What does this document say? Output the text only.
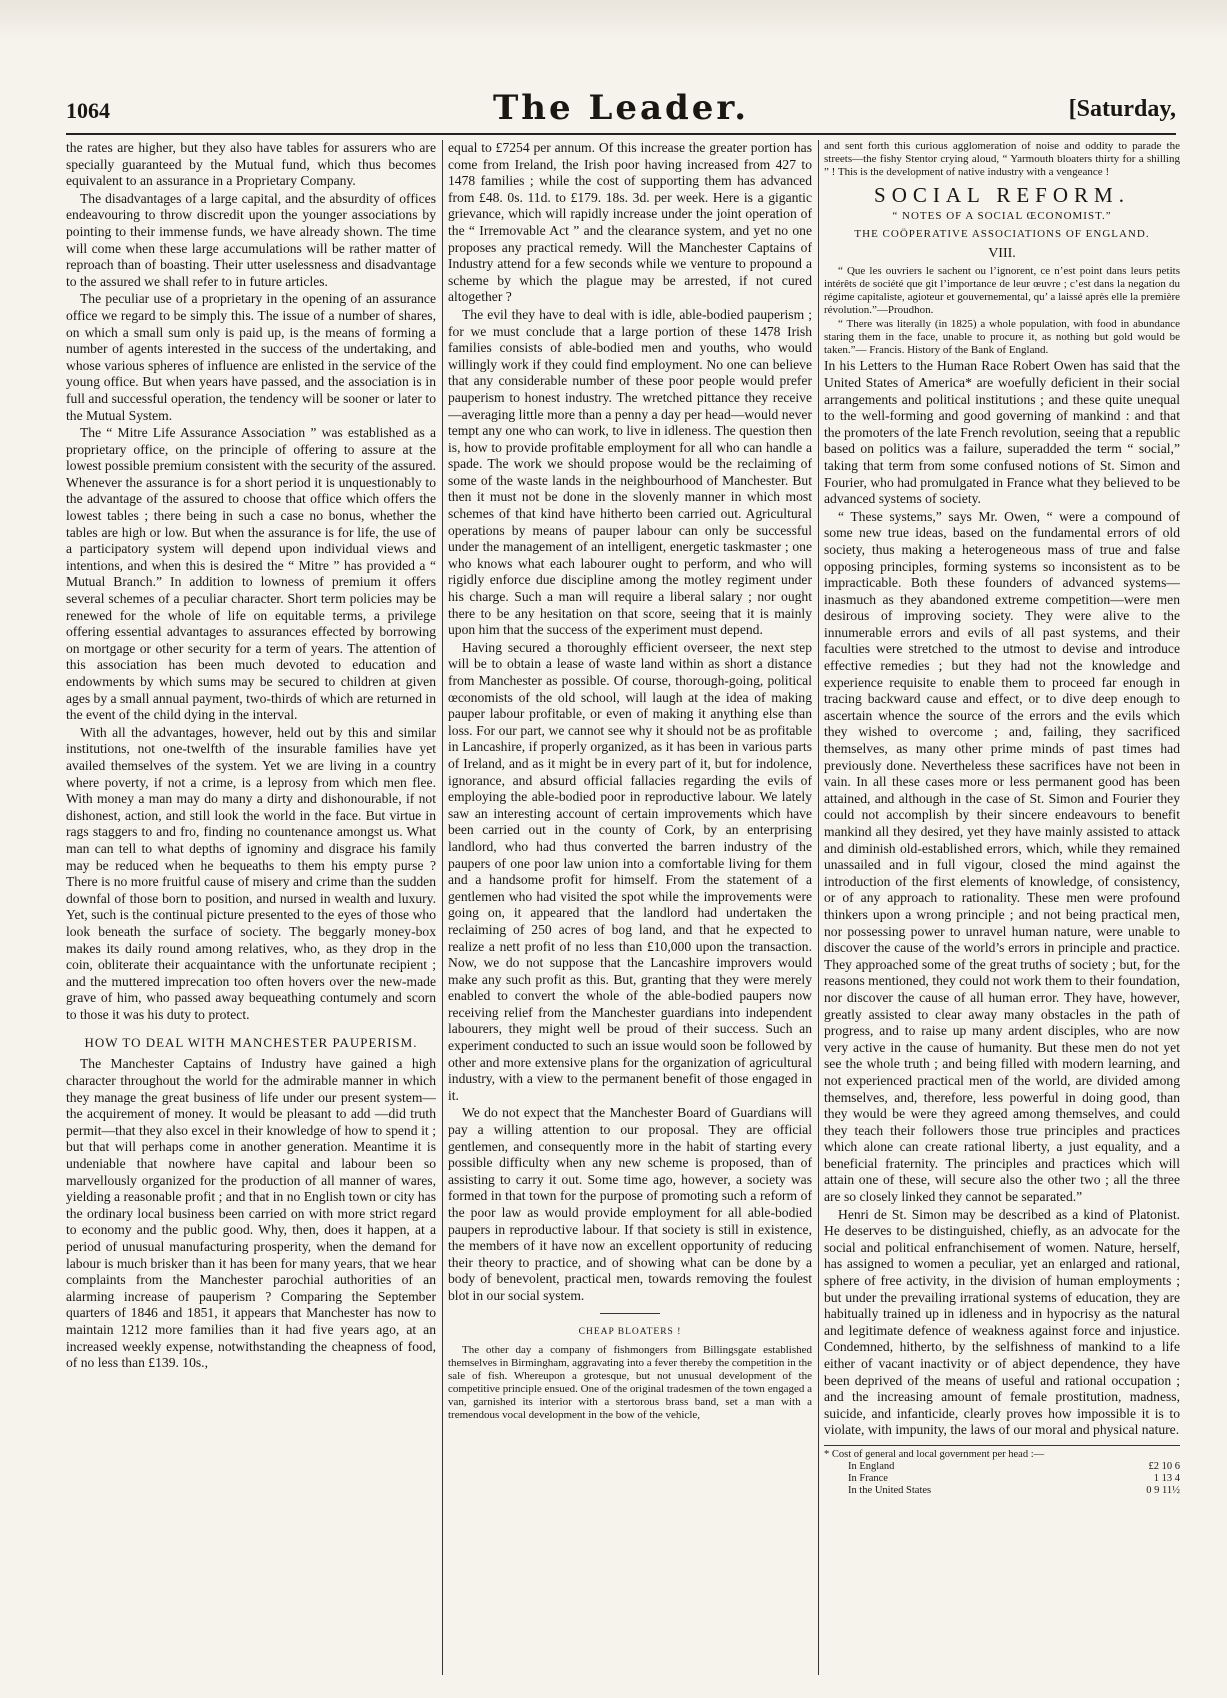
1064	The Leader.	[Saturday,

the rates are higher, but they also have tables for assurers who are specially guaranteed by the Mutual fund, which thus becomes equivalent to an assurance in a Proprietary Company.

The disadvantages of a large capital, and the absurdity of offices endeavouring to throw discredit upon the younger associations by pointing to their immense funds, we have already shown. The time will come when these large accumulations will be rather matter of reproach than of boasting. Their utter uselessness and disadvantage to the assured we shall refer to in future articles.

The peculiar use of a proprietary in the opening of an assurance office we regard to be simply this. The issue of a number of shares, on which a small sum only is paid up, is the means of forming a number of agents interested in the success of the undertaking, and whose various spheres of influence are enlisted in the service of the young office. But when years have passed, and the association is in full and successful operation, the tendency will be sooner or later to the Mutual System.

The “ Mitre Life Assurance Association ” was established as a proprietary office, on the principle of offering to assure at the lowest possible premium consistent with the security of the assured. Whenever the assurance is for a short period it is unquestionably to the advantage of the assured to choose that office which offers the lowest tables ; there being in such a case no bonus, whether the tables are high or low. But when the assurance is for life, the use of a participatory system will depend upon individual views and intentions, and when this is desired the “ Mitre ” has provided a “ Mutual Branch.” In addition to lowness of premium it offers several schemes of a peculiar character. Short term policies may be renewed for the whole of life on equitable terms, a privilege offering essential advantages to assurances effected by borrowing on mortgage or other security for a term of years. The attention of this association has been much devoted to education and endowments by which sums may be secured to children at given ages by a small annual payment, two-thirds of which are returned in the event of the child dying in the interval.

With all the advantages, however, held out by this and similar institutions, not one-twelfth of the insurable families have yet availed themselves of the system. Yet we are living in a country where poverty, if not a crime, is a leprosy from which men flee. With money a man may do many a dirty and dishonourable, if not dishonest, action, and still look the world in the face. But virtue in rags staggers to and fro, finding no countenance amongst us. What man can tell to what depths of ignominy and disgrace his family may be reduced when he bequeaths to them his empty purse ? There is no more fruitful cause of misery and crime than the sudden downfal of those born to position, and nursed in wealth and luxury. Yet, such is the continual picture presented to the eyes of those who look beneath the surface of society. The beggarly money-box makes its daily round among relatives, who, as they drop in the coin, obliterate their acquaintance with the unfortunate recipient ; and the muttered imprecation too often hovers over the new-made grave of him, who passed away bequeathing contumely and scorn to those it was his duty to protect.

HOW TO DEAL WITH MANCHESTER PAUPERISM.

The Manchester Captains of Industry have gained a high character throughout the world for the admirable manner in which they manage the great business of life under our present system—the acquirement of money. It would be pleasant to add —did truth permit—that they also excel in their knowledge of how to spend it ; but that will perhaps come in another generation. Meantime it is undeniable that nowhere have capital and labour been so marvellously organized for the production of all manner of wares, yielding a reasonable profit ; and that in no English town or city has the ordinary local business been carried on with more strict regard to economy and the public good. Why, then, does it happen, at a period of unusual manufacturing prosperity, when the demand for labour is much brisker than it has been for many years, that we hear complaints from the Manchester parochial authorities of an alarming increase of pauperism ? Comparing the September quarters of 1846 and 1851, it appears that Manchester has now to maintain 1212 more families than it had five years ago, at an increased weekly expense, notwithstanding the cheapness of food, of no less than £139. 10s.,

equal to £7254 per annum. Of this increase the greater portion has come from Ireland, the Irish poor having increased from 427 to 1478 families ; while the cost of supporting them has advanced from £48. 0s. 11d. to £179. 18s. 3d. per week. Here is a gigantic grievance, which will rapidly increase under the joint operation of the “ Irremovable Act ” and the clearance system, and yet no one proposes any practical remedy. Will the Manchester Captains of Industry attend for a few seconds while we venture to propound a scheme by which the plague may be arrested, if not cured altogether ?

The evil they have to deal with is idle, able-bodied pauperism ; for we must conclude that a large portion of these 1478 Irish families consists of able-bodied men and youths, who would willingly work if they could find employment. No one can believe that any considerable number of these poor people would prefer pauperism to honest industry. The wretched pittance they receive—averaging little more than a penny a day per head—would never tempt any one who can work, to live in idleness. The question then is, how to provide profitable employment for all who can handle a spade. The work we should propose would be the reclaiming of some of the waste lands in the neighbourhood of Manchester. But then it must not be done in the slovenly manner in which most schemes of that kind have hitherto been carried out. Agricultural operations by means of pauper labour can only be successful under the management of an intelligent, energetic taskmaster ; one who knows what each labourer ought to perform, and who will rigidly enforce due discipline among the motley regiment under his charge. Such a man will require a liberal salary ; nor ought there to be any hesitation on that score, seeing that it is mainly upon him that the success of the experiment must depend.

Having secured a thoroughly efficient overseer, the next step will be to obtain a lease of waste land within as short a distance from Manchester as possible. Of course, thorough-going, political œconomists of the old school, will laugh at the idea of making pauper labour profitable, or even of making it anything else than loss. For our part, we cannot see why it should not be as profitable in Lancashire, if properly organized, as it has been in various parts of Ireland, and as it might be in every part of it, but for indolence, ignorance, and absurd official fallacies regarding the evils of employing the able-bodied poor in reproductive labour. We lately saw an interesting account of certain improvements which have been carried out in the county of Cork, by an enterprising landlord, who had thus converted the barren industry of the paupers of one poor law union into a comfortable living for them and a handsome profit for himself. From the statement of a gentlemen who had visited the spot while the improvements were going on, it appeared that the landlord had undertaken the reclaiming of 250 acres of bog land, and that he expected to realize a nett profit of no less than £10,000 upon the transaction. Now, we do not suppose that the Lancashire improvers would make any such profit as this. But, granting that they were merely enabled to convert the whole of the able-bodied paupers now receiving relief from the Manchester guardians into independent labourers, they might well be proud of their success. Such an experiment conducted to such an issue would soon be followed by other and more extensive plans for the organization of agricultural industry, with a view to the permanent benefit of those engaged in it.

We do not expect that the Manchester Board of Guardians will pay a willing attention to our proposal. They are official gentlemen, and consequently more in the habit of starting every possible difficulty when any new scheme is proposed, than of assisting to carry it out. Some time ago, however, a society was formed in that town for the purpose of promoting such a reform of the poor law as would provide employment for all able-bodied paupers in reproductive labour. If that society is still in existence, the members of it have now an excellent opportunity of reducing their theory to practice, and of showing what can be done by a body of benevolent, practical men, towards removing the foulest blot in our social system.

CHEAP BLOATERS !

The other day a company of fishmongers from Billingsgate established themselves in Birmingham, aggravating into a fever thereby the competition in the sale of fish. Whereupon a grotesque, but not unusual development of the competitive principle ensued. One of the original tradesmen of the town engaged a van, garnished its interior with a stertorous brass band, set a man with a tremendous vocal development in the bow of the vehicle,

and sent forth this curious agglomeration of noise and oddity to parade the streets—the fishy Stentor crying aloud, “ Yarmouth bloaters thirty for a shilling ” ! This is the development of native industry with a vengeance !

SOCIAL REFORM.
“ NOTES OF A SOCIAL ŒCONOMIST.”
THE COÖPERATIVE ASSOCIATIONS OF ENGLAND.
VIII.

“ Que les ouvriers le sachent ou l’ignorent, ce n’est point dans leurs petits intérêts de société que git l’importance de leur œuvre ; c’est dans la negation du régime capitaliste, agioteur et gouvernemental, qu’ a laissé après elle la première révolution.”—Proudhon.

“ There was literally (in 1825) a whole population, with food in abundance staring them in the face, unable to procure it, as nothing but gold would be taken.”— Francis. History of the Bank of England.

In his Letters to the Human Race Robert Owen has said that the United States of America* are woefully deficient in their social arrangements and political institutions ; and these quite unequal to the well-forming and good governing of mankind : and that the promoters of the late French revolution, seeing that a republic based on politics was a failure, superadded the term “ social,” taking that term from some confused notions of St. Simon and Fourier, who had promulgated in France what they believed to be advanced systems of society.

“ These systems,” says Mr. Owen, “ were a compound of some new true ideas, based on the fundamental errors of old society, thus making a heterogeneous mass of true and false opposing principles, forming systems so inconsistent as to be impracticable. Both these founders of advanced systems—inasmuch as they abandoned extreme competition—were men desirous of improving society. They were alive to the innumerable errors and evils of all past systems, and their faculties were stretched to the utmost to devise and introduce effective remedies ; but they had not the knowledge and experience requisite to enable them to proceed far enough in tracing backward cause and effect, or to dive deep enough to ascertain whence the source of the errors and the evils which they wished to overcome ; and, failing, they sacrificed themselves, as many other prime minds of past times had previously done. Nevertheless these sacrifices have not been in vain. In all these cases more or less permanent good has been attained, and although in the case of St. Simon and Fourier they could not accomplish by their sincere endeavours to benefit mankind all they desired, yet they have mainly assisted to attack and diminish old-established errors, which, while they remained unassailed and in full vigour, closed the mind against the introduction of the first elements of knowledge, of consistency, or of any approach to rationality. These men were profound thinkers upon a wrong principle ; and not being practical men, nor possessing power to unravel human nature, were unable to discover the cause of the world’s errors in principle and practice. They approached some of the great truths of society ; but, for the reasons mentioned, they could not work them to their foundation, nor discover the cause of all human error. They have, however, greatly assisted to clear away many obstacles in the path of progress, and to raise up many ardent disciples, who are now very active in the cause of humanity. But these men do not yet see the whole truth ; and being filled with modern learning, and not experienced practical men of the world, are divided among themselves, and, therefore, less powerful in doing good, than they would be were they agreed among themselves, and could they teach their followers those true principles and practices which alone can create rational liberty, a just equality, and a beneficial fraternity. The principles and practices which will attain one of these, will secure also the other two ; all the three are so closely linked they cannot be separated.”

Henri de St. Simon may be described as a kind of Platonist. He deserves to be distinguished, chiefly, as an advocate for the social and political enfranchisement of women. Nature, herself, has assigned to women a peculiar, yet an enlarged and rational, sphere of free activity, in the division of human employments ; but under the prevailing irrational systems of education, they are habitually trained up in idleness and in hypocrisy as the natural and legitimate defence of weakness against force and injustice. Condemned, hitherto, by the selfishness of mankind to a life either of vacant inactivity or of abject dependence, they have been deprived of the means of useful and rational occupation ; and the increasing amount of female prostitution, madness, suicide, and infanticide, clearly proves how impossible it is to violate, with impunity, the laws of our moral and physical nature.

* Cost of general and local government per head :—
In England	£2 10 6
In France	1 13 4
In the United States	0 9 11½
